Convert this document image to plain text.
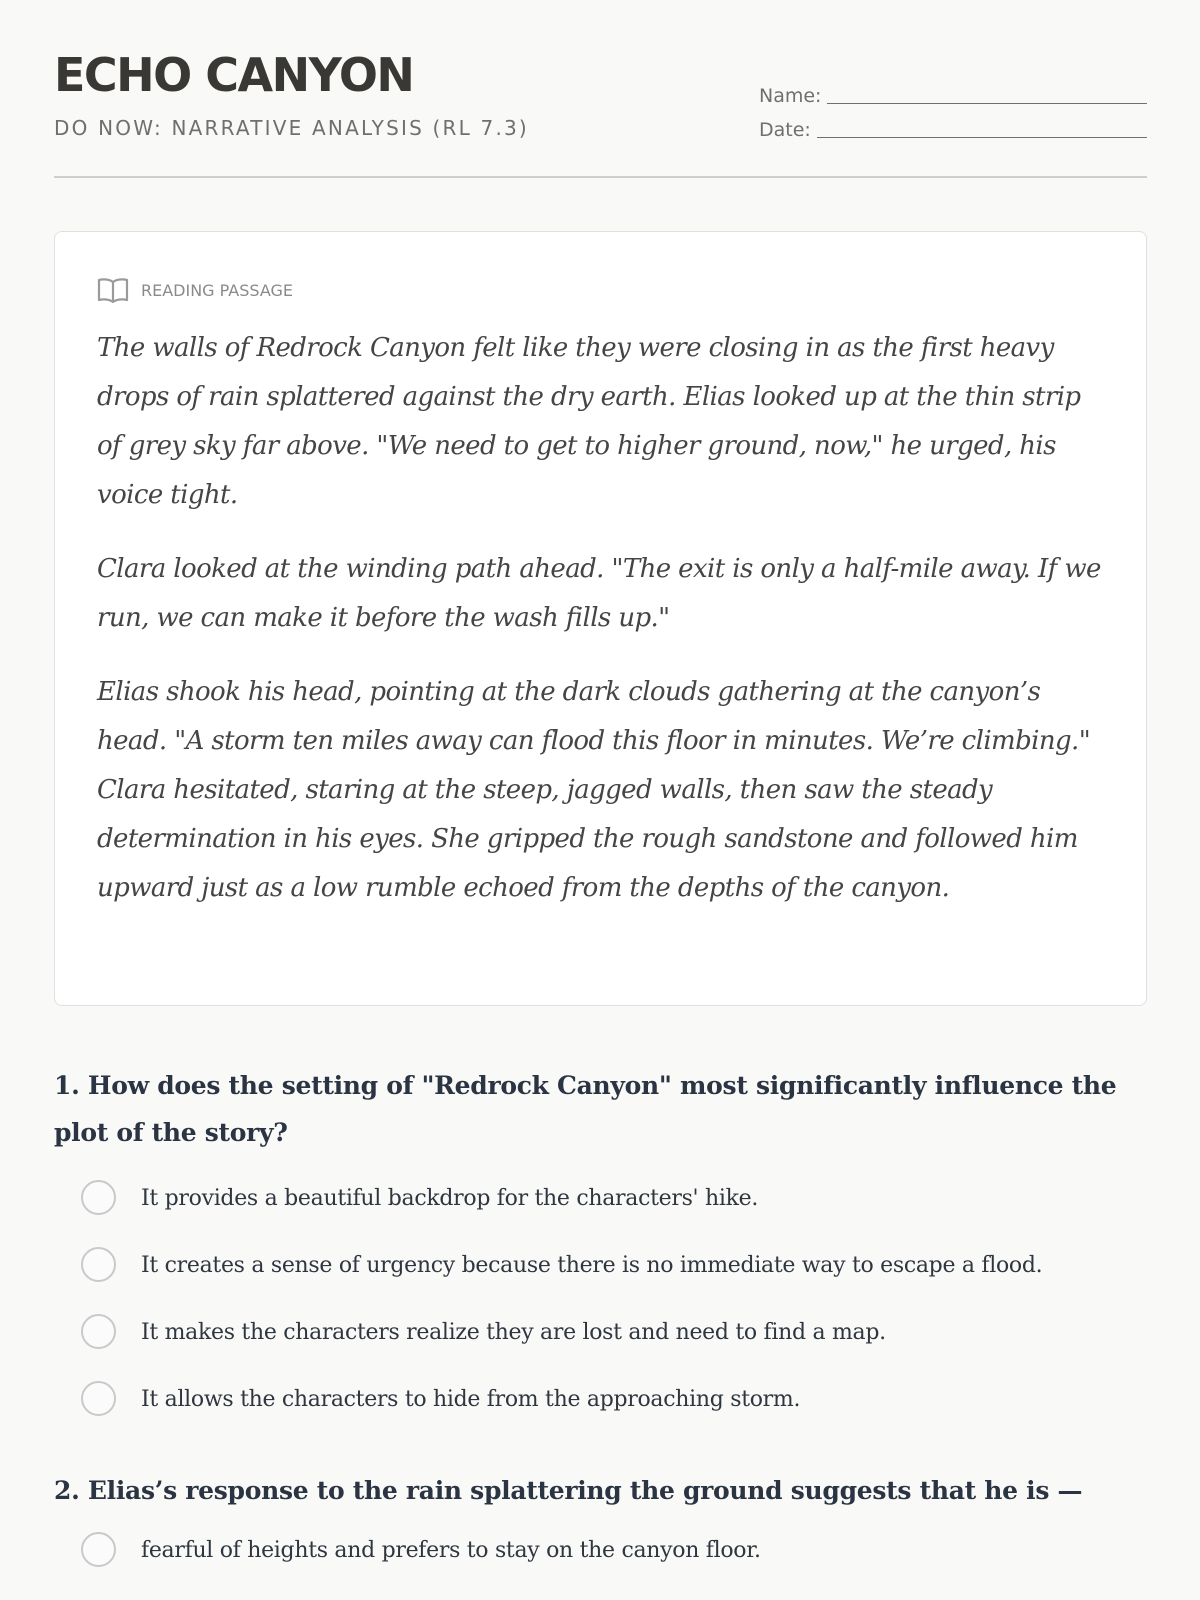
ECHO CANYON
DO NOW: NARRATIVE ANALYSIS (RL 7.3)
Name:
Date:
READING PASSAGE

The walls of Redrock Canyon felt like they were closing in as the first heavy drops of rain splattered against the dry earth. Elias looked up at the thin strip of grey sky far above. "We need to get to higher ground, now," he urged, his voice tight.

Clara looked at the winding path ahead. "The exit is only a half-mile away. If we run, we can make it before the wash fills up."

Elias shook his head, pointing at the dark clouds gathering at the canyon’s head. "A storm ten miles away can flood this floor in minutes. We’re climbing." Clara hesitated, staring at the steep, jagged walls, then saw the steady determination in his eyes. She gripped the rough sandstone and followed him upward just as a low rumble echoed from the depths of the canyon.

1. How does the setting of "Redrock Canyon" most significantly influence the plot of the story?

It provides a beautiful backdrop for the characters' hike.
It creates a sense of urgency because there is no immediate way to escape a flood.
It makes the characters realize they are lost and need to find a map.
It allows the characters to hide from the approaching storm.

2. Elias’s response to the rain splattering the ground suggests that he is —

fearful of heights and prefers to stay on the canyon floor.
